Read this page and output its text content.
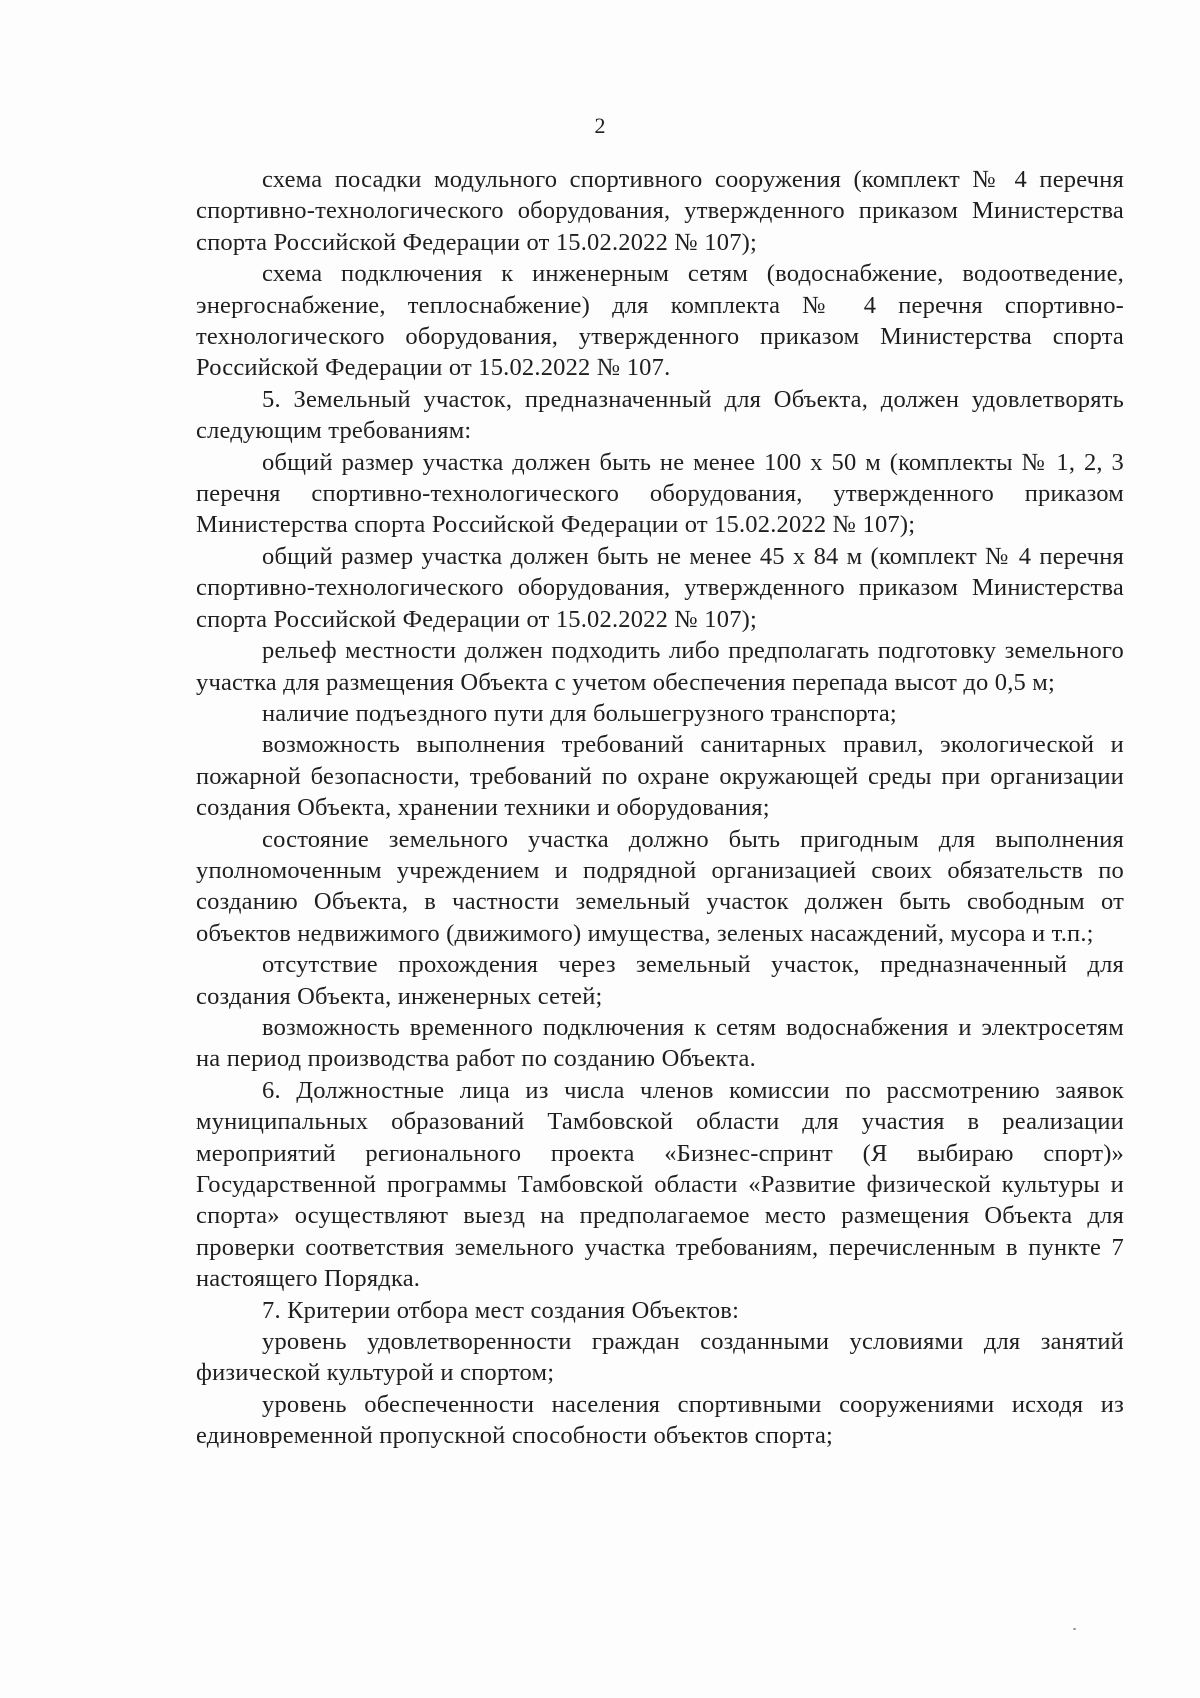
2

схема посадки модульного спортивного сооружения (комплект № 4 перечня спортивно-технологического оборудования, утвержденного приказом Министерства спорта Российской Федерации от 15.02.2022 № 107);

схема подключения к инженерным сетям (водоснабжение, водоотведение, энергоснабжение, теплоснабжение) для комплекта № 4 перечня спортивно-технологического оборудования, утвержденного приказом Министерства спорта Российской Федерации от 15.02.2022 № 107.

5. Земельный участок, предназначенный для Объекта, должен удовлетворять следующим требованиям:

общий размер участка должен быть не менее 100 х 50 м (комплекты № 1, 2, 3 перечня спортивно-технологического оборудования, утвержденного приказом Министерства спорта Российской Федерации от 15.02.2022 № 107);

общий размер участка должен быть не менее 45 х 84 м (комплект № 4 перечня спортивно-технологического оборудования, утвержденного приказом Министерства спорта Российской Федерации от 15.02.2022 № 107);

рельеф местности должен подходить либо предполагать подготовку земельного участка для размещения Объекта с учетом обеспечения перепада высот до 0,5 м;

наличие подъездного пути для большегрузного транспорта;

возможность выполнения требований санитарных правил, экологической и пожарной безопасности, требований по охране окружающей среды при организации создания Объекта, хранении техники и оборудования;

состояние земельного участка должно быть пригодным для выполнения уполномоченным учреждением и подрядной организацией своих обязательств по созданию Объекта, в частности земельный участок должен быть свободным от объектов недвижимого (движимого) имущества, зеленых насаждений, мусора и т.п.;

отсутствие прохождения через земельный участок, предназначенный для создания Объекта, инженерных сетей;

возможность временного подключения к сетям водоснабжения и электросетям на период производства работ по созданию Объекта.

6. Должностные лица из числа членов комиссии по рассмотрению заявок муниципальных образований Тамбовской области для участия в реализации мероприятий регионального проекта «Бизнес-спринт (Я выбираю спорт)» Государственной программы Тамбовской области «Развитие физической культуры и спорта» осуществляют выезд на предполагаемое место размещения Объекта для проверки соответствия земельного участка требованиям, перечисленным в пункте 7 настоящего Порядка.

7. Критерии отбора мест создания Объектов:

уровень удовлетворенности граждан созданными условиями для занятий физической культурой и спортом;

уровень обеспеченности населения спортивными сооружениями исходя из единовременной пропускной способности объектов спорта;
